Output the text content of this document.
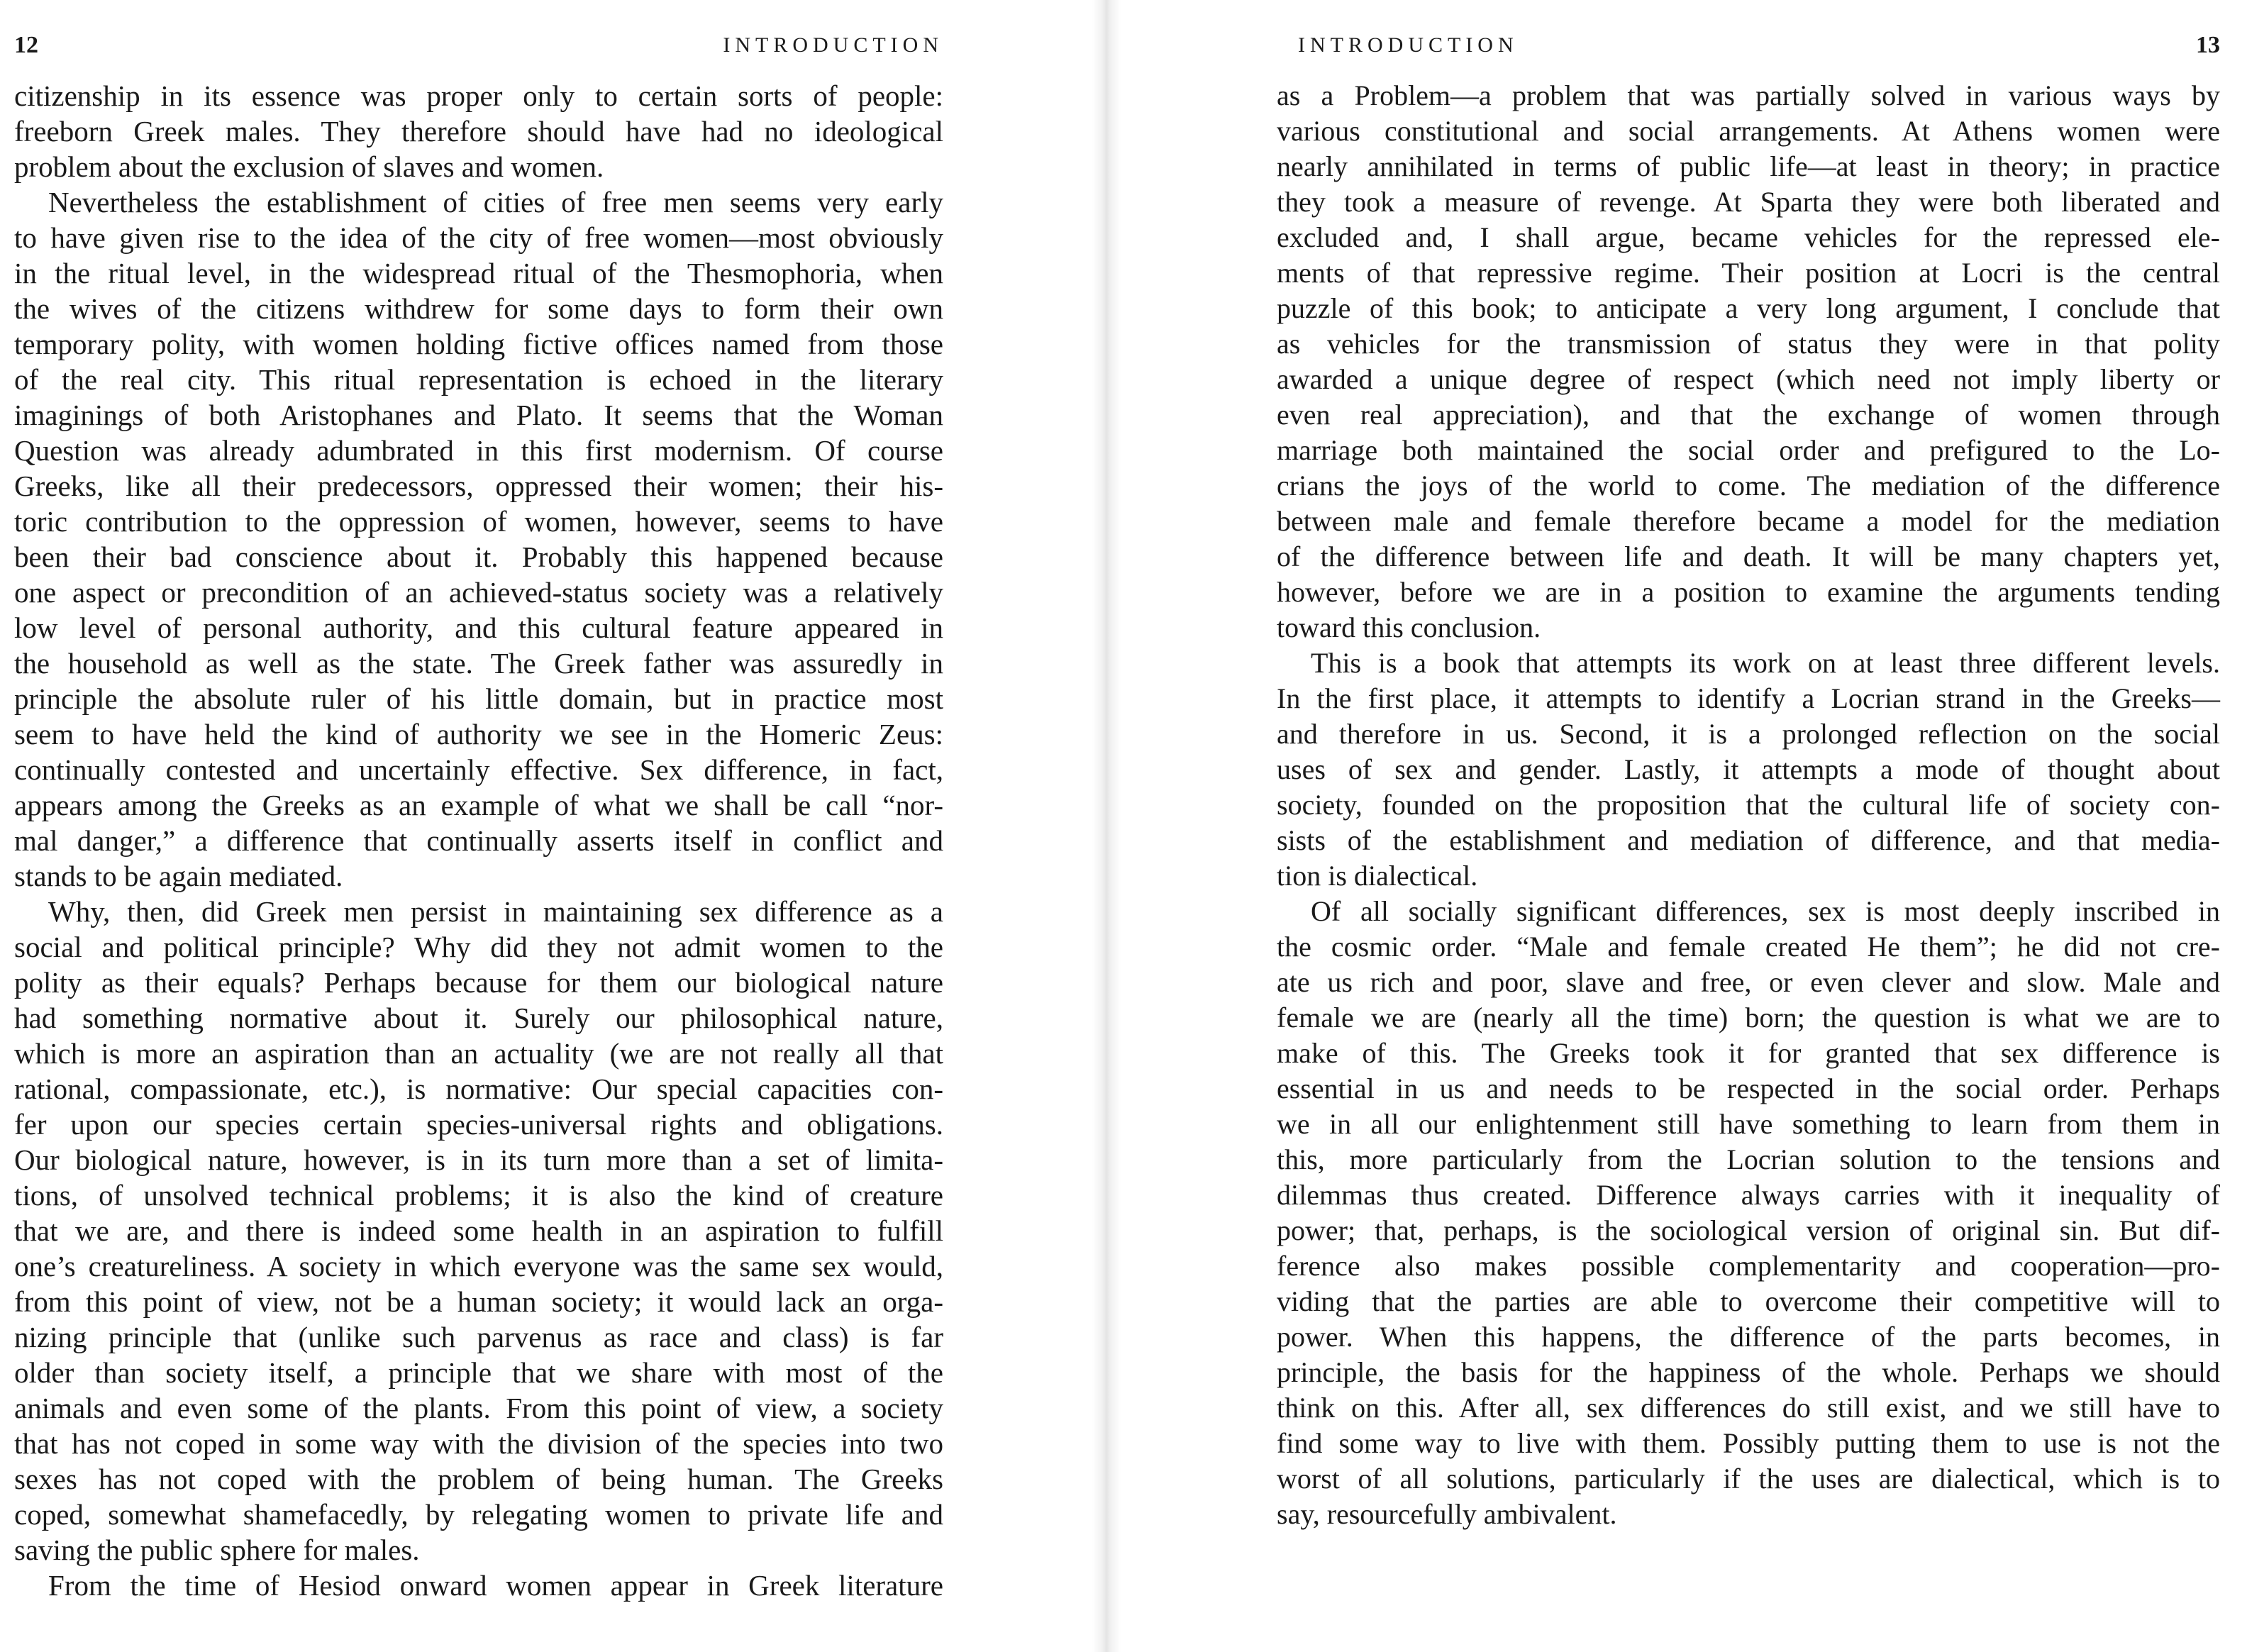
12	INTRODUCTION
citizenship in its essence was proper only to certain sorts of people:
freeborn Greek males. They therefore should have had no ideological
problem about the exclusion of slaves and women.
Nevertheless the establishment of cities of free men seems very early
to have given rise to the idea of the city of free women—most obviously
in the ritual level, in the widespread ritual of the Thesmophoria, when
the wives of the citizens withdrew for some days to form their own
temporary polity, with women holding fictive offices named from those
of the real city. This ritual representation is echoed in the literary
imaginings of both Aristophanes and Plato. It seems that the Woman
Question was already adumbrated in this first modernism. Of course
Greeks, like all their predecessors, oppressed their women; their his-
toric contribution to the oppression of women, however, seems to have
been their bad conscience about it. Probably this happened because
one aspect or precondition of an achieved-status society was a relatively
low level of personal authority, and this cultural feature appeared in
the household as well as the state. The Greek father was assuredly in
principle the absolute ruler of his little domain, but in practice most
seem to have held the kind of authority we see in the Homeric Zeus:
continually contested and uncertainly effective. Sex difference, in fact,
appears among the Greeks as an example of what we shall be call “nor-
mal danger,” a difference that continually asserts itself in conflict and
stands to be again mediated.
Why, then, did Greek men persist in maintaining sex difference as a
social and political principle? Why did they not admit women to the
polity as their equals? Perhaps because for them our biological nature
had something normative about it. Surely our philosophical nature,
which is more an aspiration than an actuality (we are not really all that
rational, compassionate, etc.), is normative: Our special capacities con-
fer upon our species certain species-universal rights and obligations.
Our biological nature, however, is in its turn more than a set of limita-
tions, of unsolved technical problems; it is also the kind of creature
that we are, and there is indeed some health in an aspiration to fulfill
one’s creatureliness. A society in which everyone was the same sex would,
from this point of view, not be a human society; it would lack an orga-
nizing principle that (unlike such parvenus as race and class) is far
older than society itself, a principle that we share with most of the
animals and even some of the plants. From this point of view, a society
that has not coped in some way with the division of the species into two
sexes has not coped with the problem of being human. The Greeks
coped, somewhat shamefacedly, by relegating women to private life and
saving the public sphere for males.
From the time of Hesiod onward women appear in Greek literature
INTRODUCTION	13
as a Problem—a problem that was partially solved in various ways by
various constitutional and social arrangements. At Athens women were
nearly annihilated in terms of public life—at least in theory; in practice
they took a measure of revenge. At Sparta they were both liberated and
excluded and, I shall argue, became vehicles for the repressed ele-
ments of that repressive regime. Their position at Locri is the central
puzzle of this book; to anticipate a very long argument, I conclude that
as vehicles for the transmission of status they were in that polity
awarded a unique degree of respect (which need not imply liberty or
even real appreciation), and that the exchange of women through
marriage both maintained the social order and prefigured to the Lo-
crians the joys of the world to come. The mediation of the difference
between male and female therefore became a model for the mediation
of the difference between life and death. It will be many chapters yet,
however, before we are in a position to examine the arguments tending
toward this conclusion.
This is a book that attempts its work on at least three different levels.
In the first place, it attempts to identify a Locrian strand in the Greeks—
and therefore in us. Second, it is a prolonged reflection on the social
uses of sex and gender. Lastly, it attempts a mode of thought about
society, founded on the proposition that the cultural life of society con-
sists of the establishment and mediation of difference, and that media-
tion is dialectical.
Of all socially significant differences, sex is most deeply inscribed in
the cosmic order. “Male and female created He them”; he did not cre-
ate us rich and poor, slave and free, or even clever and slow. Male and
female we are (nearly all the time) born; the question is what we are to
make of this. The Greeks took it for granted that sex difference is
essential in us and needs to be respected in the social order. Perhaps
we in all our enlightenment still have something to learn from them in
this, more particularly from the Locrian solution to the tensions and
dilemmas thus created. Difference always carries with it inequality of
power; that, perhaps, is the sociological version of original sin. But dif-
ference also makes possible complementarity and cooperation—pro-
viding that the parties are able to overcome their competitive will to
power. When this happens, the difference of the parts becomes, in
principle, the basis for the happiness of the whole. Perhaps we should
think on this. After all, sex differences do still exist, and we still have to
find some way to live with them. Possibly putting them to use is not the
worst of all solutions, particularly if the uses are dialectical, which is to
say, resourcefully ambivalent.
